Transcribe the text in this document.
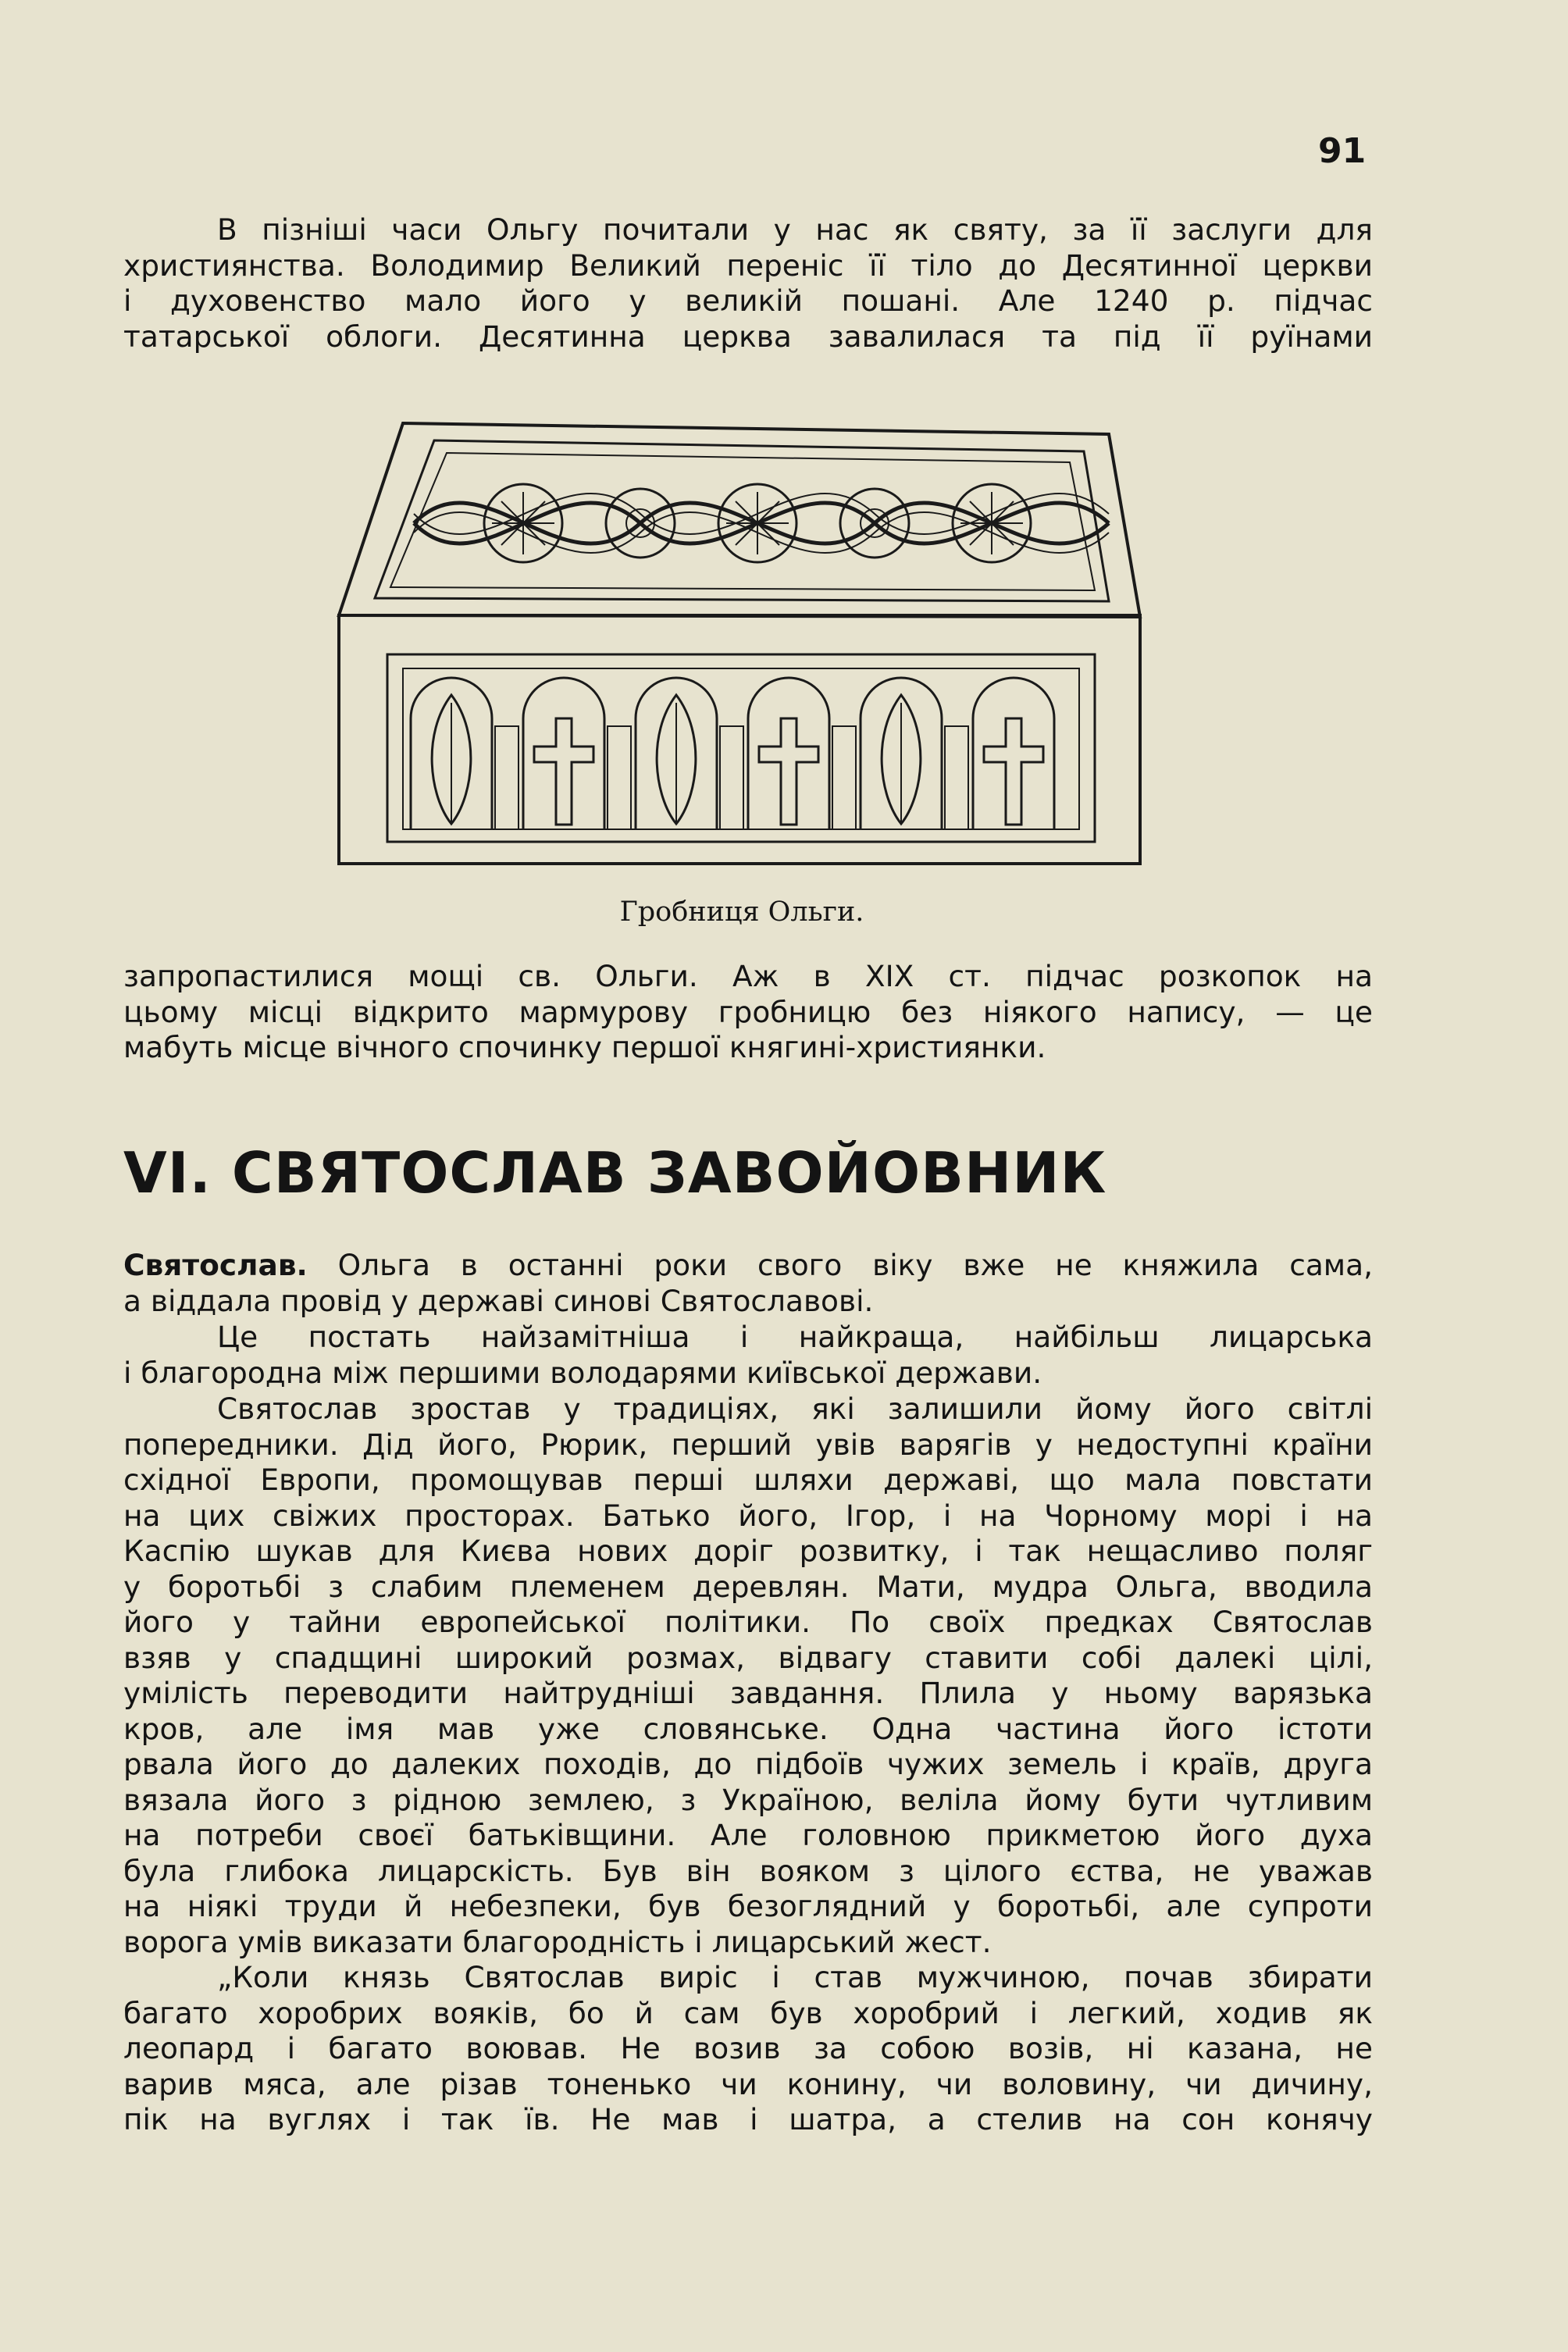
91

В пізніші часи Ольгу почитали у нас як святу, за її заслуги для
християнства. Володимир Великий переніс її тіло до Десятинної церкви
і духовенство мало його у великій пошані. Але 1240 р. підчас
татарської облоги. Десятинна церква завалилася та під її руїнами

Гробниця Ольги.

запропастилися мощі св. Ольги. Аж в XIX ст. підчас розкопок на
цьому місці відкрито мармурову гробницю без ніякого напису, — це
мабуть місце вічного спочинку першої княгині-християнки.

VI. СВЯТОСЛАВ ЗАВОЙОВНИК

Святослав. Ольга в останні роки свого віку вже не княжила сама,
а віддала провід у державі синові Святославові.

Це постать найзамітніша і найкраща, найбільш лицарська
і благородна між першими володарями київської держави.

Святослав зростав у традиціях, які залишили йому його світлі
попередники. Дід його, Рюрик, перший увів варягів у недоступні країни
східної Европи, промощував перші шляхи державі, що мала повстати
на цих свіжих просторах. Батько його, Ігор, і на Чорному морі і на
Каспію шукав для Києва нових доріг розвитку, і так нещасливо поляг
у боротьбі з слабим племенем деревлян. Мати, мудра Ольга, вводила
його у тайни европейської політики. По своїх предках Святослав
взяв у спадщині широкий розмах, відвагу ставити собі далекі цілі,
уміліcть переводити найтрудніші завдання. Плила у ньому варязька
кров, але імя мав уже словянське. Одна частина його істоти
рвала його до далеких походів, до підбоїв чужих земель і країв, друга
вязала його з рідною землею, з Україною, веліла йому бути чутливим
на потреби своєї батьківщини. Але головною прикметою його духа
була глибока лицарскість. Був він вояком з цілого єства, не уважав
на ніякі труди й небезпеки, був безоглядний у боротьбі, але супроти
ворога умів виказати благородність і лицарський жест.

„Коли князь Святослав виріс і став мужчиною, почав збирати
багато хоробрих вояків, бо й сам був хоробрий і легкий, ходив як
леопард і багато воював. Не возив за собою возів, ні казана, не
варив мяса, але різав тоненько чи конину, чи воловину, чи дичину,
пік на вуглях і так їв. Не мав і шатра, а стелив на сон конячу
